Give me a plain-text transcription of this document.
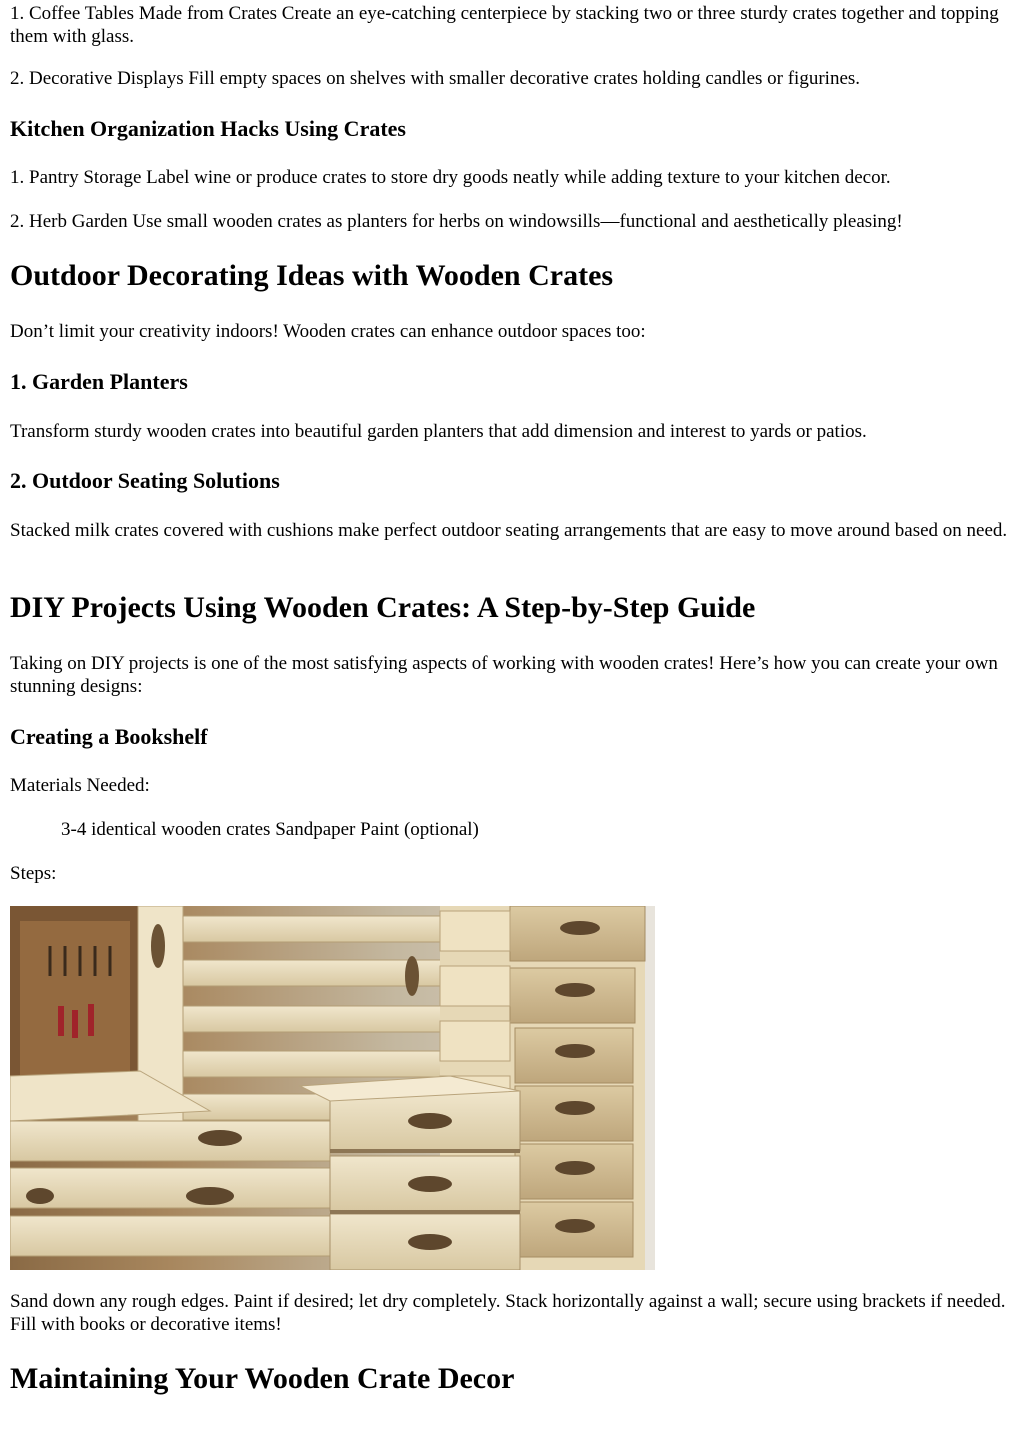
1. Coffee Tables Made from Crates Create an eye-catching centerpiece by stacking two or three sturdy crates together and topping them with glass.

2. Decorative Displays Fill empty spaces on shelves with smaller decorative crates holding candles or figurines.

Kitchen Organization Hacks Using Crates

1. Pantry Storage Label wine or produce crates to store dry goods neatly while adding texture to your kitchen decor.

2. Herb Garden Use small wooden crates as planters for herbs on windowsills—functional and aesthetically pleasing!

Outdoor Decorating Ideas with Wooden Crates

Don’t limit your creativity indoors! Wooden crates can enhance outdoor spaces too:

1. Garden Planters

Transform sturdy wooden crates into beautiful garden planters that add dimension and interest to yards or patios.

2. Outdoor Seating Solutions

Stacked milk crates covered with cushions make perfect outdoor seating arrangements that are easy to move around based on need.

DIY Projects Using Wooden Crates: A Step-by-Step Guide

Taking on DIY projects is one of the most satisfying aspects of working with wooden crates! Here’s how you can create your own stunning designs:

Creating a Bookshelf

Materials Needed:

3-4 identical wooden crates Sandpaper Paint (optional)

Steps:

Sand down any rough edges. Paint if desired; let dry completely. Stack horizontally against a wall; secure using brackets if needed. Fill with books or decorative items!

Maintaining Your Wooden Crate Decor
